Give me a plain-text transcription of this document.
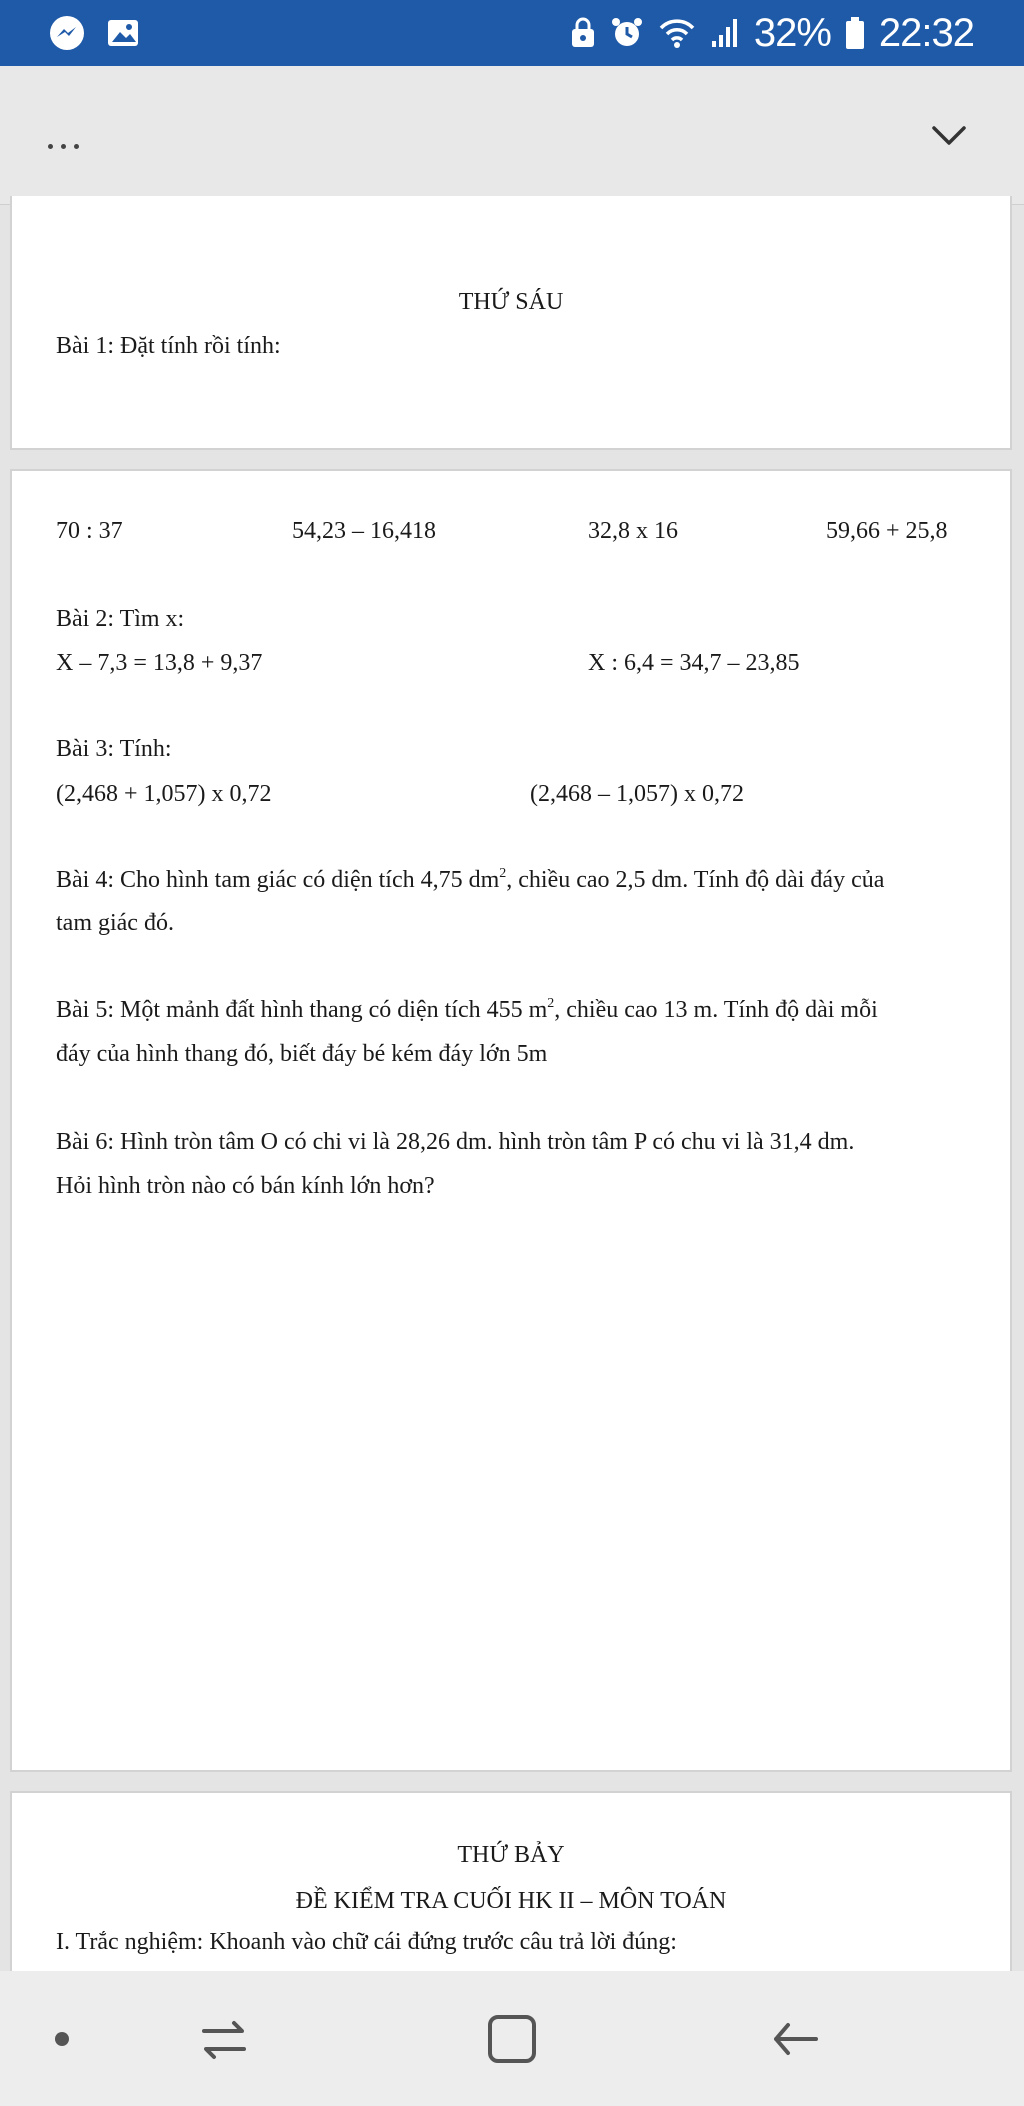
32% 22:32
THỨ SÁU
Bài 1: Đặt tính rồi tính:
70 : 37	54,23 – 16,418	32,8 x 16	59,66 + 25,8
Bài 2: Tìm x:
X – 7,3 = 13,8 + 9,37	X : 6,4 = 34,7 – 23,85
Bài 3: Tính:
(2,468 + 1,057) x 0,72	(2,468 – 1,057) x 0,72
Bài 4: Cho hình tam giác có diện tích 4,75 $dm^2$, chiều cao 2,5 dm. Tính độ dài đáy của
tam giác đó.
Bài 5: Một mảnh đất hình thang có diện tích 455 $m^2$, chiều cao 13 m. Tính độ dài mỗi
đáy của hình thang đó, biết đáy bé kém đáy lớn 5m
Bài 6: Hình tròn tâm O có chi vi là 28,26 dm. hình tròn tâm P có chu vi là 31,4 dm.
Hỏi hình tròn nào có bán kính lớn hơn?
THỨ BẢY
ĐỀ KIỂM TRA CUỐI HK II – MÔN TOÁN
I. Trắc nghiệm: Khoanh vào chữ cái đứng trước câu trả lời đúng:
